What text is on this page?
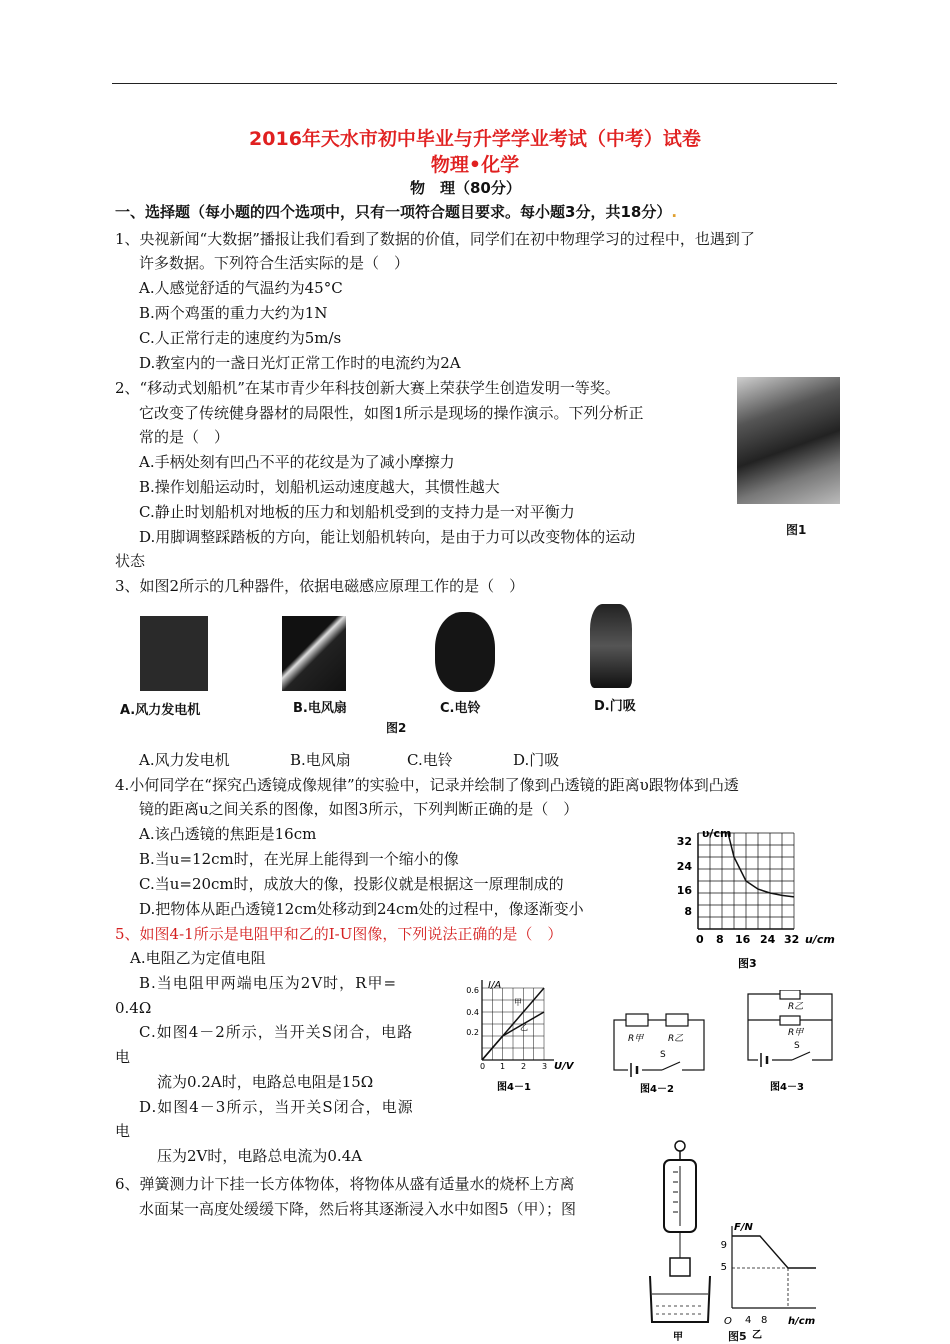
2016年天水市初中毕业与升学学业考试（中考）试卷
物理•化学
物　理（80分）
一、选择题（每小题的四个选项中，只有一项符合题目要求。每小题3分，共18分）.
1、央视新闻“大数据”播报让我们看到了数据的价值，同学们在初中物理学习的过程中，也遇到了
许多数据。下列符合生活实际的是（　）
A.人感觉舒适的气温约为45°C
B.两个鸡蛋的重力大约为1N
C.人正常行走的速度约为5m/s
D.教室内的一盏日光灯正常工作时的电流约为2A
2、“移动式划船机”在某市青少年科技创新大赛上荣获学生创造发明一等奖。
它改变了传统健身器材的局限性，如图1所示是现场的操作演示。下列分析正
常的是（　）
A.手柄处刻有凹凸不平的花纹是为了减小摩擦力
B.操作划船运动时，划船机运动速度越大，其惯性越大
C.静止时划船机对地板的压力和划船机受到的支持力是一对平衡力
D.用脚调整踩踏板的方向，能让划船机转向，是由于力可以改变物体的运动
状态
图1
3、如图2所示的几种器件，依据电磁感应原理工作的是（　）
A.风力发电机	B.电风扇	C.电铃	D.门吸
图2
A.风力发电机	B.电风扇	C.电铃	D.门吸
4.小何同学在“探究凸透镜成像规律”的实验中，记录并绘制了像到凸透镜的距离υ跟物体到凸透
镜的距离u之间关系的图像，如图3所示，下列判断正确的是（　）
A.该凸透镜的焦距是16cm
B.当u=12cm时，在光屏上能得到一个缩小的像
C.当u=20cm时，成放大的像，投影仪就是根据这一原理制成的
D.把物体从距凸透镜12cm处移动到24cm处的过程中，像逐渐变小
υ/cm
32
24
16
8
0 8 16 24 32 u/cm
图3
5、如图4-1所示是电阻甲和乙的I-U图像，下列说法正确的是（　）
A.电阻乙为定值电阻
B.当电阻甲两端电压为2V时，R甲=
0.4Ω
C.如图4－2所示，当开关S闭合，电路
电
流为0.2A时，电路总电阻是15Ω
D.如图4－3所示，当开关S闭合，电源
电
压为2V时，电路总电流为0.4A
I/A
0.6
0.4
0.2
0 1 2 3 U/V
甲
乙
图4－1
R甲	R乙
S
图4－2
R乙
R甲
S
图4－3
6、弹簧测力计下挂一长方体物体，将物体从盛有适量水的烧杯上方离
水面某一高度处缓缓下降，然后将其逐渐浸入水中如图5（甲）；图
甲
F/N
9
5
O 4 8 h/cm
乙
图5
